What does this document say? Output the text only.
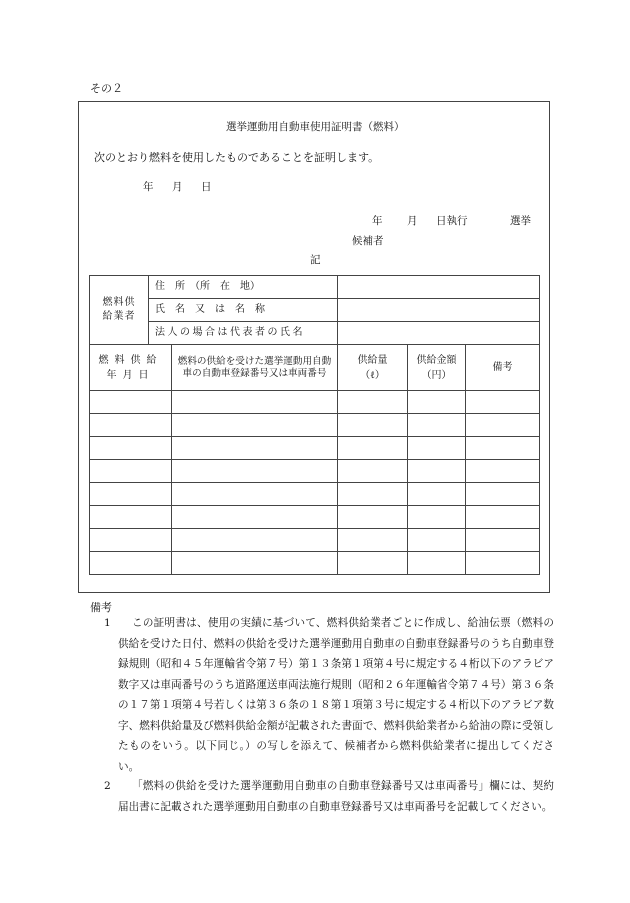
その２
選挙運動用自動車使用証明書（燃料）
次のとおり燃料を使用したものであることを証明します。
年 月 日
年 月 日執行	選挙
候補者
記
燃料供給業者	住　所　（所　在　地）	
	氏　名　又　は　名　称	
	法人の場合は代表者の氏名	
燃料供給年月日	燃料の供給を受けた選挙運動用自動車の自動車登録番号又は車両番号	供給量（ℓ）	供給金額（円）	備考

備考
1	この証明書は、使用の実績に基づいて、燃料供給業者ごとに作成し、給油伝票（燃料の供給を受けた日付、燃料の供給を受けた選挙運動用自動車の自動車登録番号のうち自動車登録規則（昭和４５年運輸省令第７号）第１３条第１項第４号に規定する４桁以下のアラビア数字又は車両番号のうち道路運送車両法施行規則（昭和２６年運輸省令第７４号）第３６条の１７第１項第４号若しくは第３６条の１８第１項第３号に規定する４桁以下のアラビア数字、燃料供給量及び燃料供給金額が記載された書面で、燃料供給業者から給油の際に受領したものをいう。以下同じ。）の写しを添えて、候補者から燃料供給業者に提出してください。
2	「燃料の供給を受けた選挙運動用自動車の自動車登録番号又は車両番号」欄には、契約届出書に記載された選挙運動用自動車の自動車登録番号又は車両番号を記載してください。
